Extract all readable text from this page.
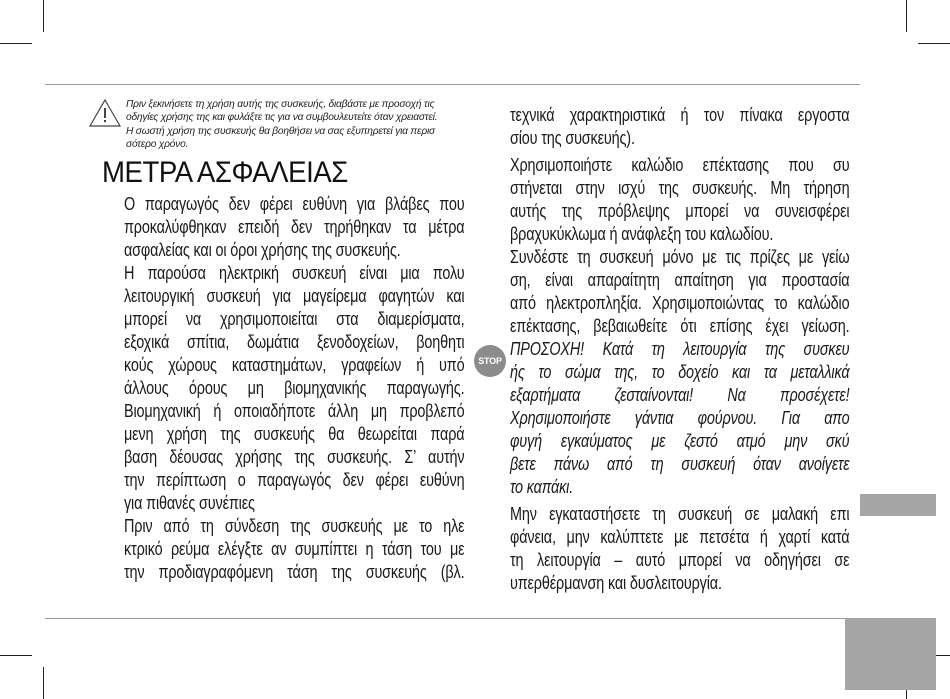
Πριν ξεκινήσετε τη χρήση αυτής της συσκευής, διαβάστε με προσοχή τις
οδηγίες χρήσης της και φυλάξτε τις για να συμβουλευτείτε όταν χρειαστεί.
Η σωστή χρήση της συσκευής θα βοηθήσει να σας εξυπηρετεί για περισ
σότερο χρόνο.
ΜΕΤΡΑ ΑΣΦΑΛΕΙΑΣ
Ο παραγωγός δεν φέρει ευθύνη για βλάβες που
προκαλύφθηκαν επειδή δεν τηρήθηκαν τα μέτρα
ασφαλείας και οι όροι χρήσης της συσκευής.
Η παρούσα ηλεκτρική συσκευή είναι μια πολυ
λειτουργική συσκευή για μαγείρεμα φαγητών και
μπορεί να χρησιμοποιείται στα διαμερίσματα,
εξοχικά σπίτια, δωμάτια ξενοδοχείων, βοηθητι
κούς χώρους καταστημάτων, γραφείων ή υπό
άλλους όρους μη βιομηχανικής παραγωγής.
Βιομηχανική ή οποιαδήποτε άλλη μη προβλεπό
μενη χρήση της συσκευής θα θεωρείται παρά
βαση δέουσας χρήσης της συσκευής. Σ’ αυτήν
την περίπτωση ο παραγωγός δεν φέρει ευθύνη
για πιθανές συνέπιες
Πριν από τη σύνδεση της συσκευής με το ηλε
κτρικό ρεύμα ελέγξτε αν συμπίπτει η τάση του με
την προδιαγραφόμενη τάση της συσκευής (βλ.
STOP
τεχνικά χαρακτηριστικά ή τον πίνακα εργοστα
σίου της συσκευής).
Χρησιμοποιήστε καλώδιο επέκτασης που συ
στήνεται στην ισχύ της συσκευής. Μη τήρηση
αυτής της πρόβλεψης μπορεί να συνεισφέρει
βραχυκύκλωμα ή ανάφλεξη του καλωδίου.
Συνδέστε τη συσκευή μόνο με τις πρίζες με γείω
ση, είναι απαραίτητη απαίτηση για προστασία
από ηλεκτροπληξία. Χρησιμοποιώντας το καλώδιο
επέκτασης, βεβαιωθείτε ότι επίσης έχει γείωση.
ΠΡΟΣΟΧΗ! Κατά τη λειτουργία της συσκευ
ής το σώμα της, το δοχείο και τα μεταλλικά
εξαρτήματα ζεσταίνονται! Να προσέχετε!
Χρησιμοποιήστε γάντια φούρνου. Για απο
φυγή εγκαύματος με ζεστό ατμό μην σκύ
βετε πάνω από τη συσκευή όταν ανοίγετε
το καπάκι.
Μην εγκαταστήσετε τη συσκευή σε μαλακή επι
φάνεια, μην καλύπτετε με πετσέτα ή χαρτί κατά
τη λειτουργία – αυτό μπορεί να οδηγήσει σε
υπερθέρμανση και δυσλειτουργία.
